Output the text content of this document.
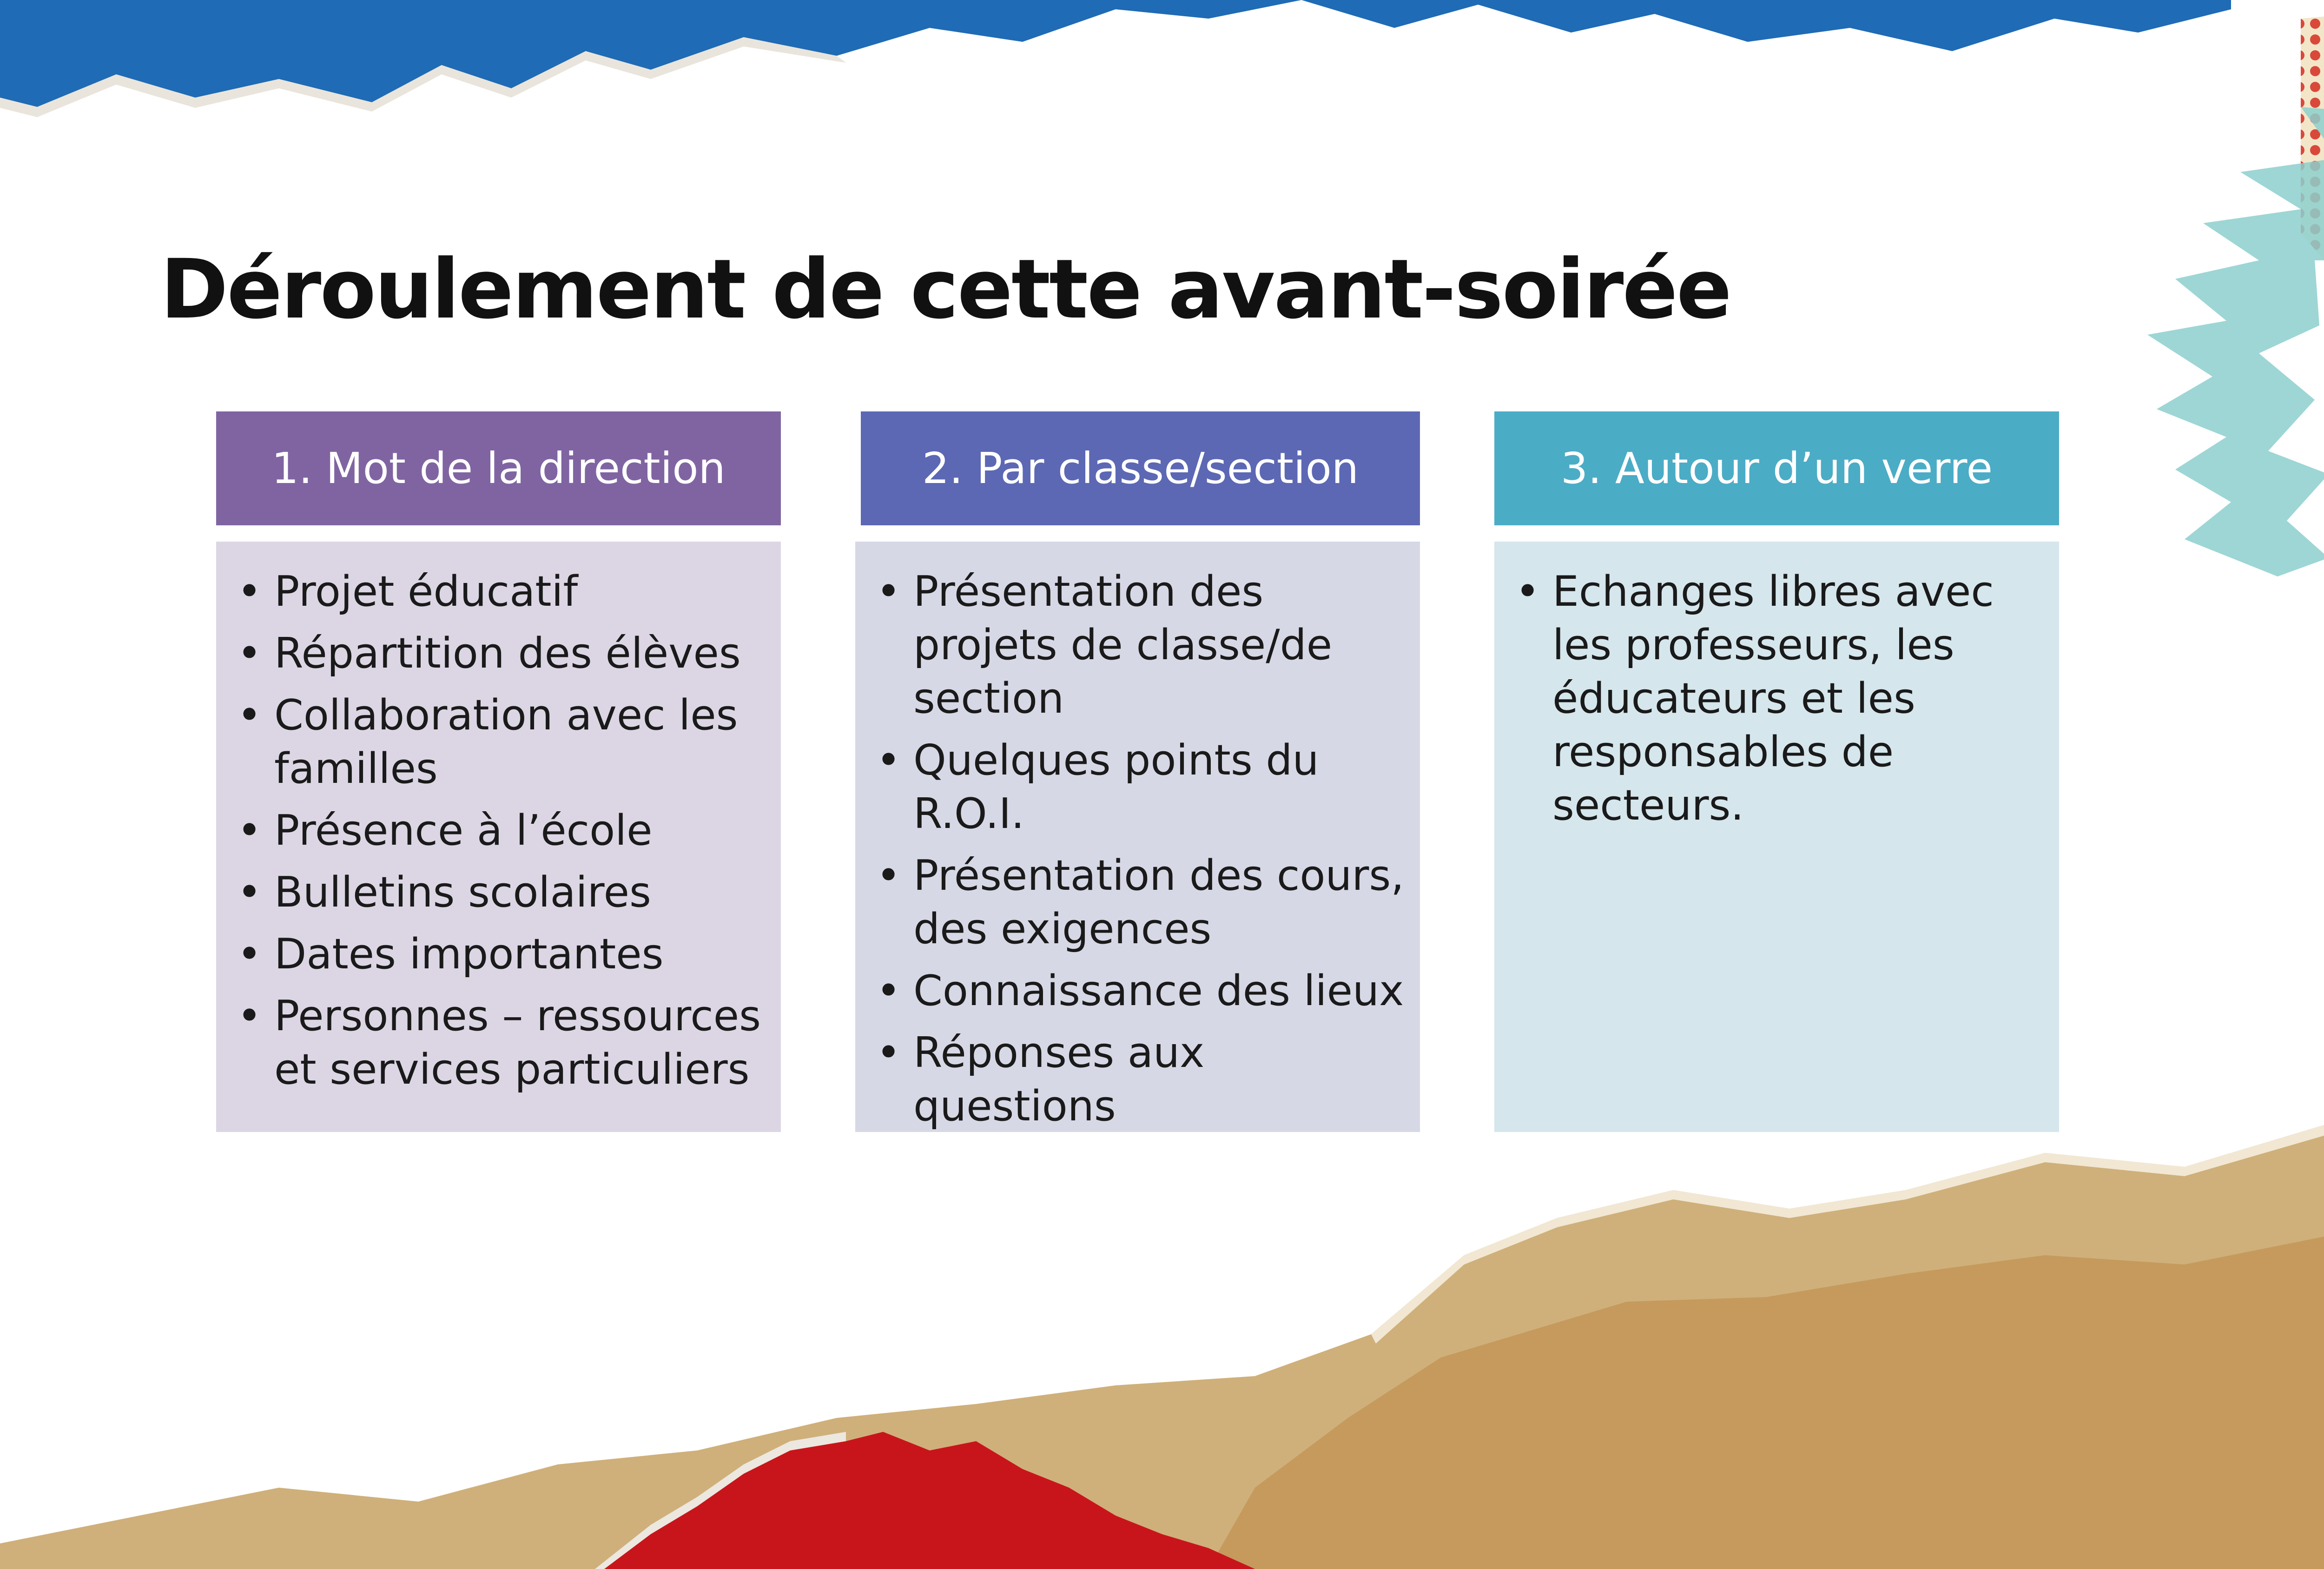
Déroulement de cette avant-soirée
1. Mot de la direction
• Projet éducatif
• Répartition des élèves
• Collaboration avec les familles
• Présence à l’école
• Bulletins scolaires
• Dates importantes
• Personnes – ressources et services particuliers
2. Par classe/section
• Présentation des projets de classe/de section
• Quelques points du R.O.I.
• Présentation des cours, des exigences
• Connaissance des lieux
• Réponses aux questions
3. Autour d’un verre
• Echanges libres avec les professeurs, les éducateurs et les responsables de secteurs.
